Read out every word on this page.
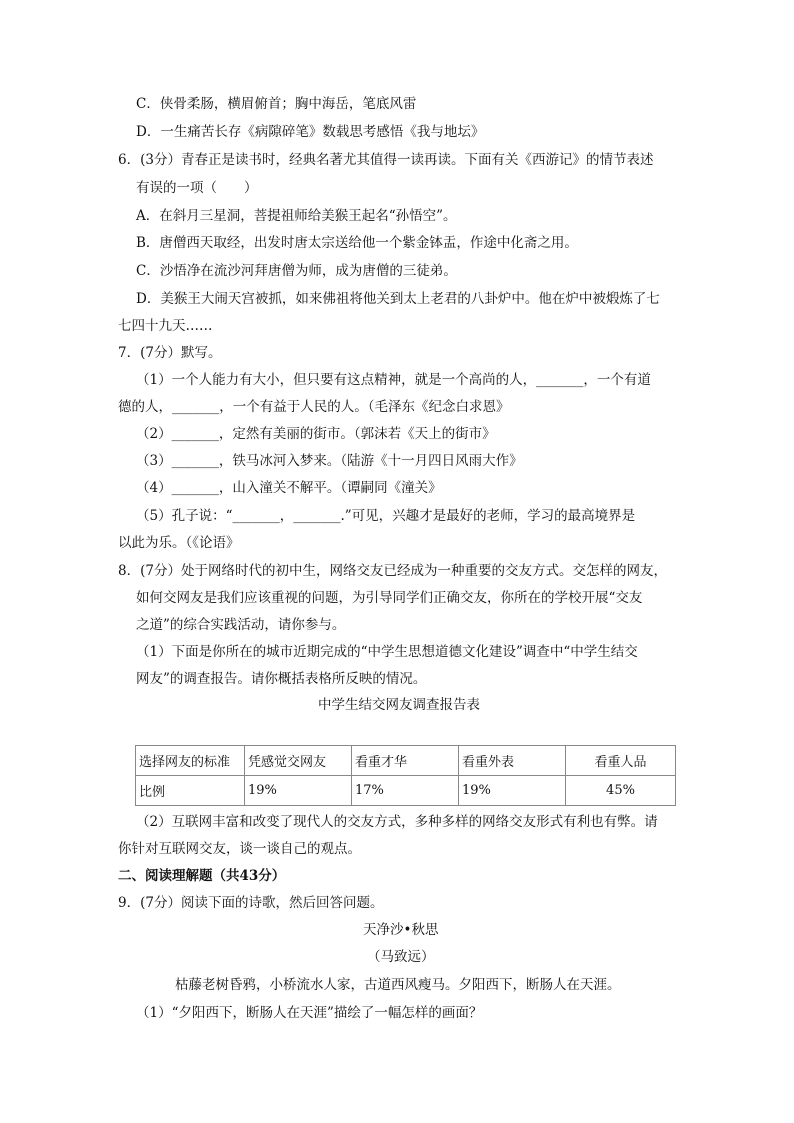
C．侠骨柔肠，横眉俯首；胸中海岳，笔底风雷
D．一生痛苦长存《病隙碎笔》数载思考感悟《我与地坛》
6．(3分）青春正是读书时，经典名著尤其值得一读再读。下面有关《西游记》的情节表述
有误的一项（　　）
A．在斜月三星洞，菩提祖师给美猴王起名“孙悟空”。
B．唐僧西天取经，出发时唐太宗送给他一个紫金钵盂，作途中化斋之用。
C．沙悟净在流沙河拜唐僧为师，成为唐僧的三徒弟。
D．美猴王大闹天宫被抓，如来佛祖将他关到太上老君的八卦炉中。他在炉中被煅炼了七
七四十九天……
7．(7分）默写。
（1）一个人能力有大小，但只要有这点精神，就是一个高尚的人，_______，一个有道
德的人，_______，一个有益于人民的人。（毛泽东《纪念白求恩》
（2）_______，定然有美丽的街市。（郭沫若《天上的街市》
（3）_______，铁马冰河入梦来。（陆游《十一月四日风雨大作》
（4）_______，山入潼关不解平。（谭嗣同《潼关》
（5）孔子说：“_______，_______.”可见，兴趣才是最好的老师，学习的最高境界是
以此为乐。（《论语》
8．(7分）处于网络时代的初中生，网络交友已经成为一种重要的交友方式。交怎样的网友，
如何交网友是我们应该重视的问题，为引导同学们正确交友，你所在的学校开展“交友
之道”的综合实践活动，请你参与。
（1）下面是你所在的城市近期完成的“中学生思想道德文化建设”调查中“中学生结交
网友”的调查报告。请你概括表格所反映的情况。
中学生结交网友调查报告表
选择网友的标准	凭感觉交网友	看重才华	看重外表	看重人品
比例	19%	17%	19%	45%
（2）互联网丰富和改变了现代人的交友方式，多种多样的网络交友形式有利也有弊。请
你针对互联网交友，谈一谈自己的观点。
二、阅读理解题（共43分）
9．(7分）阅读下面的诗歌，然后回答问题。
天净沙•秋思
（马致远）
枯藤老树昏鸦，小桥流水人家，古道西风瘦马。夕阳西下，断肠人在天涯。
（1）“夕阳西下，断肠人在天涯”描绘了一幅怎样的画面？
